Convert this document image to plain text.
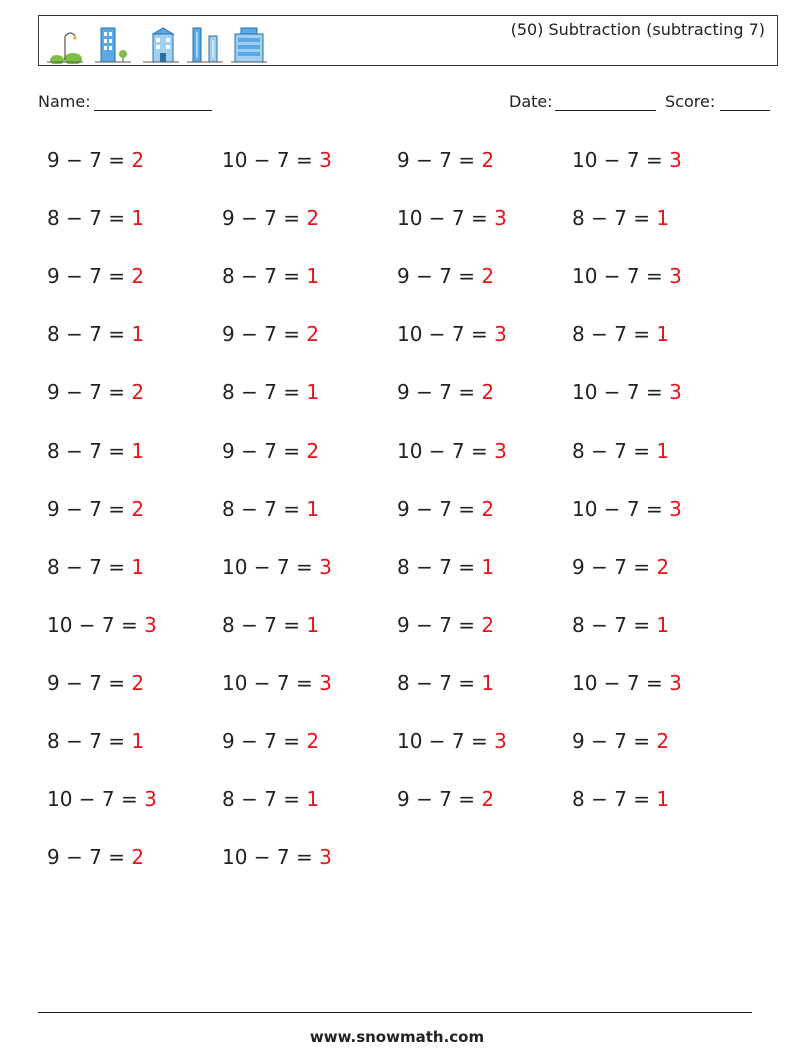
(50) Subtraction (subtracting 7)
Name:	Date:	Score:
9 − 7 = 2
8 − 7 = 1
9 − 7 = 2
8 − 7 = 1
9 − 7 = 2
8 − 7 = 1
9 − 7 = 2
8 − 7 = 1
10 − 7 = 3
9 − 7 = 2
8 − 7 = 1
10 − 7 = 3
9 − 7 = 2
10 − 7 = 3
9 − 7 = 2
8 − 7 = 1
9 − 7 = 2
8 − 7 = 1
9 − 7 = 2
8 − 7 = 1
10 − 7 = 3
8 − 7 = 1
10 − 7 = 3
9 − 7 = 2
8 − 7 = 1
10 − 7 = 3
9 − 7 = 2
10 − 7 = 3
9 − 7 = 2
10 − 7 = 3
9 − 7 = 2
10 − 7 = 3
9 − 7 = 2
8 − 7 = 1
9 − 7 = 2
8 − 7 = 1
10 − 7 = 3
9 − 7 = 2
10 − 7 = 3
8 − 7 = 1
10 − 7 = 3
8 − 7 = 1
10 − 7 = 3
8 − 7 = 1
10 − 7 = 3
9 − 7 = 2
8 − 7 = 1
10 − 7 = 3
9 − 7 = 2
8 − 7 = 1
www.snowmath.com
